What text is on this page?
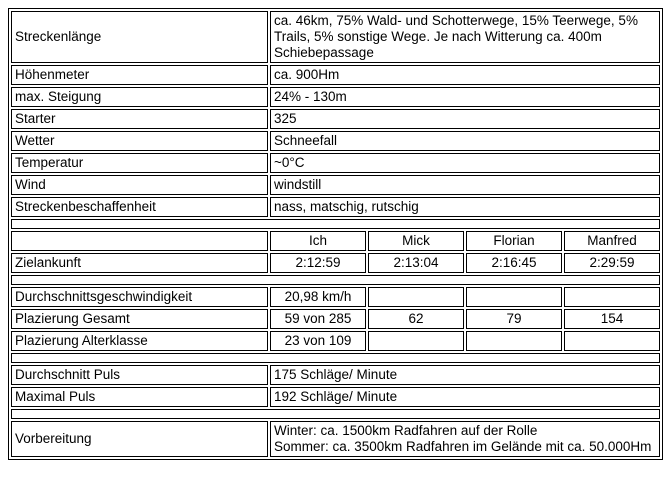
Streckenlänge	ca. 46km, 75% Wald- und Schotterwege, 15% Teerwege, 5% Trails, 5% sonstige Wege. Je nach Witterung ca. 400m Schiebepassage			
Höhenmeter	ca. 900Hm			
max. Steigung	24% - 130m			
Starter	325			
Wetter	Schneefall			
Temperatur	~0°C			
Wind	windstill			
Streckenbeschaffenheit	nass, matschig, rutschig			

	Ich	Mick	Florian	Manfred
Zielankunft	2:12:59	2:13:04	2:16:45	2:29:59

Durchschnittsgeschwindigkeit	20,98 km/h			
Plazierung Gesamt	59 von 285	62	79	154
Plazierung Alterklasse	23 von 109			

Durchschnitt Puls	175 Schläge/ Minute			
Maximal Puls	192 Schläge/ Minute			

Vorbereitung	Winter: ca. 1500km Radfahren auf der Rolle
Sommer: ca. 3500km Radfahren im Gelände mit ca. 50.000Hm			
